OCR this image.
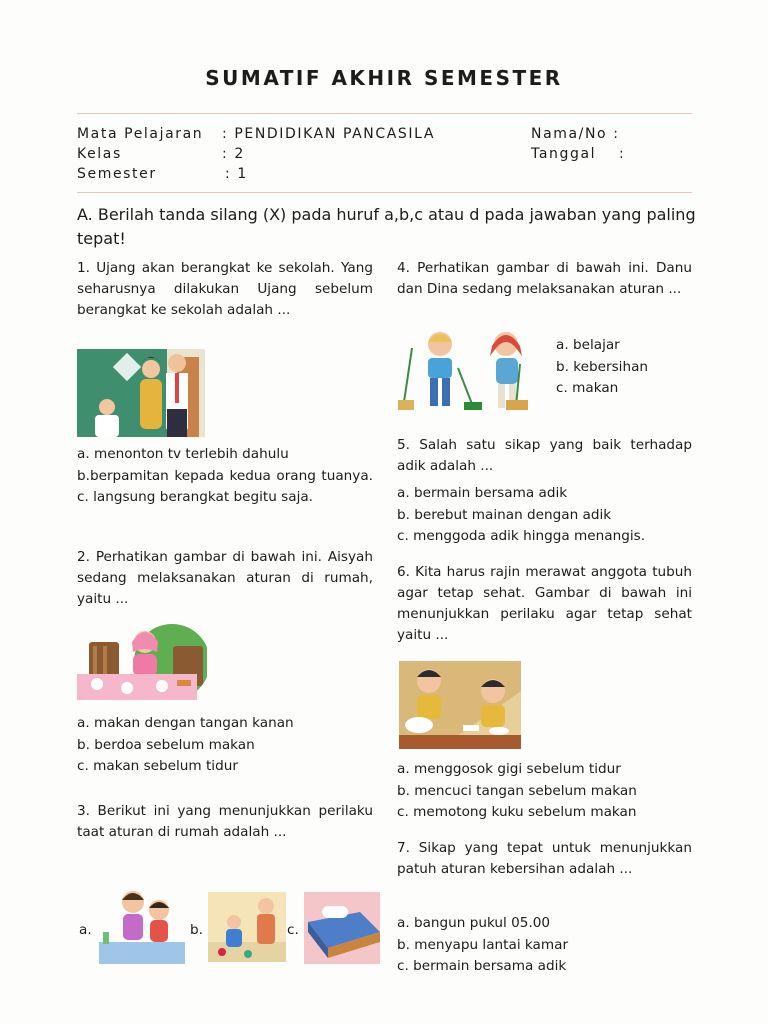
SUMATIF AKHIR SEMESTER
Mata Pelajaran
Kelas
Semester
: PENDIDIKAN PANCASILA
: 2
: 1
Nama/No :
Tanggal :
A. Berilah tanda silang (X) pada huruf a,b,c atau d pada jawaban yang paling tepat!
1. Ujang akan berangkat ke sekolah. Yang seharusnya dilakukan Ujang sebelum berangkat ke sekolah adalah ...

a. menonton tv terlebih dahulu

b.berpamitan kepada kedua orang tuanya.

c. langsung berangkat begitu saja.

2. Perhatikan gambar di bawah ini. Aisyah sedang melaksanakan aturan di rumah, yaitu ...

a. makan dengan tangan kanan

b. berdoa sebelum makan

c. makan sebelum tidur

3. Berikut ini yang menunjukkan perilaku taat aturan di rumah adalah ...
a.	b.	c.
4. Perhatikan gambar di bawah ini. Danu dan Dina sedang melaksanakan aturan ...

a. belajar

b. kebersihan

c. makan

5. Salah satu sikap yang baik terhadap adik adalah ...

a. bermain bersama adik

b. berebut mainan dengan adik

c. menggoda adik hingga menangis.

6. Kita harus rajin merawat anggota tubuh agar tetap sehat. Gambar di bawah ini menunjukkan perilaku agar tetap sehat yaitu ...

a. menggosok gigi sebelum tidur

b. mencuci tangan sebelum makan

c. memotong kuku sebelum makan

7. Sikap yang tepat untuk menunjukkan patuh aturan kebersihan adalah ...

a. bangun pukul 05.00

b. menyapu lantai kamar

c. bermain bersama adik
